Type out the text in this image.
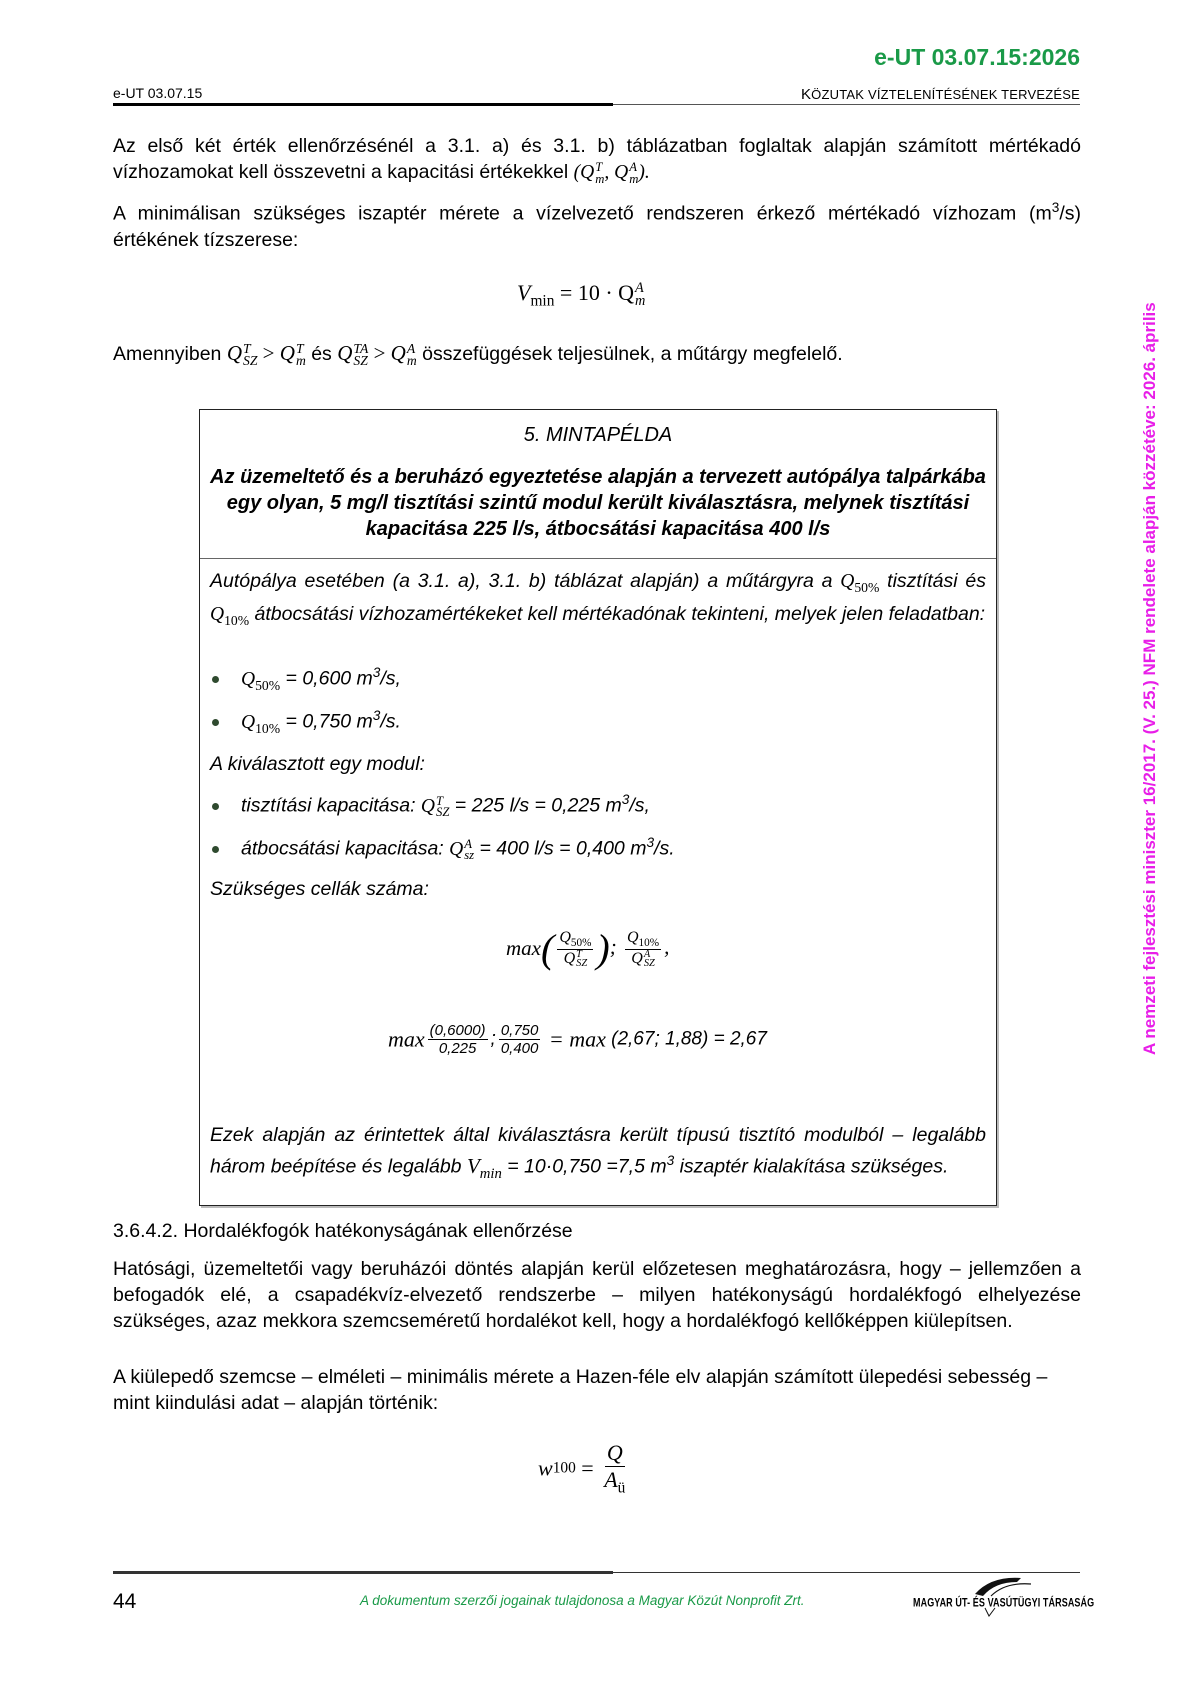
e-UT 03.07.15:2026
e-UT 03.07.15	KÖZUTAK VÍZTELENÍTÉSÉNEK TERVEZÉSE
A nemzeti fejlesztési miniszter 16/2017. (V. 25.) NFM rendelete alapján közzétéve: 2026. április
Az első két érték ellenőrzésénél a 3.1. a) és 3.1. b) táblázatban foglaltak alapján számított mértékadó vízhozamokat kell összevetni a kapacitási értékekkel (Q T
m , Q A
m ).
A minimálisan szükséges iszaptér mérete a vízelvezető rendszeren érkező mértékadó vízhozam $(m^3/s)$ értékének tízszerese:
$V_{min} = 10 \cdot Q$ A
m
Amennyiben Q T
SZ > Q T
m és Q TA
SZ > Q A
m összefüggések teljesülnek, a műtárgy megfelelő.
5. MINTAPÉLDA
Az üzemeltető és a beruházó egyeztetése alapján a tervezett autópálya talpárkába egy olyan, 5 mg/l tisztítási szintű modul került kiválasztásra, melynek tisztítási kapacitása 225 l/s, átbocsátási kapacitása 400 l/s
Autópálya esetében (a 3.1. a), 3.1. b) táblázat alapján) a műtárgyra a $Q_{50\%}$ tisztítási és $Q_{10\%}$ átbocsátási vízhozamértékeket kell mértékadónak tekinteni, melyek jelen feladatban:
$Q_{50\%} = 0,600$ $m^3/s$,
$Q_{10\%} = 0,750$ $m^3/s$.
A kiválasztott egy modul:
tisztítási kapacitása: Q T
SZ = 225 l/s = 0,225 $m^3/s$,
átbocsátási kapacitása: Q A
sz = 400 l/s = 0,400 $m^3/s$.
Szükséges cellák száma:
max( $Q_{50\%}$
Q T
SZ ); $Q_{10\%}$
Q A
SZ ,
$\max \frac{(0,6000)}{0,225}$ ; $\frac{0,750}{0,400} = \max (2,67$; 1,88) = 2,67
Ezek alapján az érintettek által kiválasztásra került típusú tisztító modulból – legalább három beépítése és legalább $V_{min} = 10\cdot 0,750 =7,5$ $m^3$ iszaptér kialakítása szükséges.
3.6.4.2. Hordalékfogók hatékonyságának ellenőrzése
Hatósági, üzemeltetői vagy beruházói döntés alapján kerül előzetesen meghatározásra, hogy – jellemzően a befogadók elé, a csapadékvíz-elvezető rendszerbe – milyen hatékonyságú hordalékfogó elhelyezése szükséges, azaz mekkora szemcseméretű hordalékot kell, hogy a hordalékfogó kellőképpen kiülepítsen.
A kiülepedő szemcse – elméleti – minimális mérete a Hazen-féle elv alapján számított ülepedési sebesség – mint kiindulási adat – alapján történik:
$w100 = \frac{Q}{A_ü}$
44	A dokumentum szerzői jogainak tulajdonosa a Magyar Közút Nonprofit Zrt.	MAGYAR ÚT- ÉS VASÚTÜGYI TÁRSASÁG
